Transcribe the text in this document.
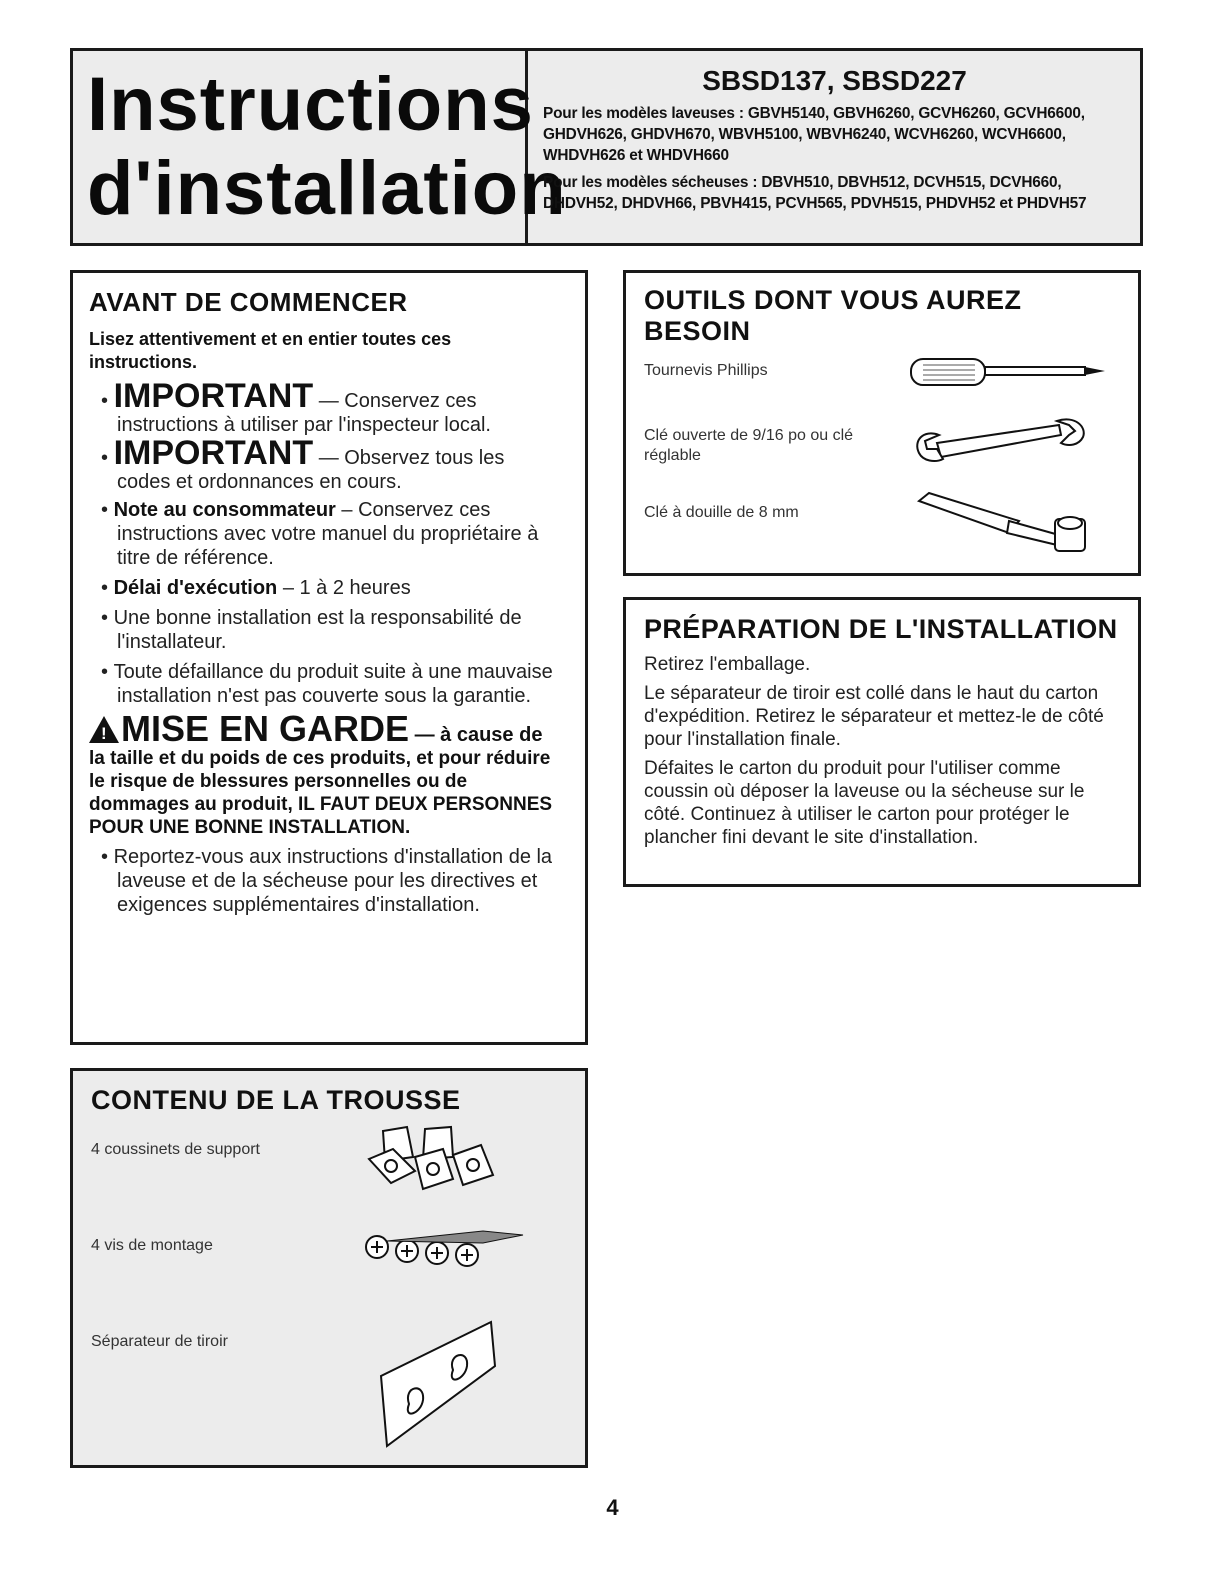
Instructions
d'installation
SBSD137, SBSD227

Pour les modèles laveuses : GBVH5140, GBVH6260, GCVH6260, GCVH6600, GHDVH626, GHDVH670, WBVH5100, WBVH6240, WCVH6260, WCVH6600, WHDVH626 et WHDVH660

Pour les modèles sécheuses : DBVH510, DBVH512, DCVH515, DCVH660, DHDVH52, DHDVH66, PBVH415, PCVH565, PDVH515, PHDVH52 et PHDVH57

AVANT DE COMMENCER

Lisez attentivement et en entier toutes ces instructions.

• IMPORTANT — Conservez ces instructions à utiliser par l'inspecteur local.

• IMPORTANT — Observez tous les codes et ordonnances en cours.

• Note au consommateur – Conservez ces instructions avec votre manuel du propriétaire à titre de référence.

• Délai d'exécution – 1 à 2 heures

• Une bonne installation est la responsabilité de l'installateur.

• Toute défaillance du produit suite à une mauvaise installation n'est pas couverte sous la garantie.

!MISE EN GARDE — à cause de
la taille et du poids de ces produits, et pour réduire le risque de blessures personnelles ou de dommages au produit, IL FAUT DEUX PERSONNES POUR UNE BONNE INSTALLATION.

• Reportez-vous aux instructions d'installation de la laveuse et de la sécheuse pour les directives et exigences supplémentaires d'installation.

OUTILS DONT VOUS AUREZ BESOIN
Tournevis Phillips
Clé ouverte de 9/16 po ou clé réglable
Clé à douille de 8 mm
PRÉPARATION DE L'INSTALLATION

Retirez l'emballage.

Le séparateur de tiroir est collé dans le haut du carton d'expédition. Retirez le séparateur et mettez-le de côté pour l'installation finale.

Défaites le carton du produit pour l'utiliser comme coussin où déposer la laveuse ou la sécheuse sur le côté. Continuez à utiliser le carton pour protéger le plancher fini devant le site d'installation.

CONTENU DE LA TROUSSE
4 coussinets de support
4 vis de montage
Séparateur de tiroir
4
